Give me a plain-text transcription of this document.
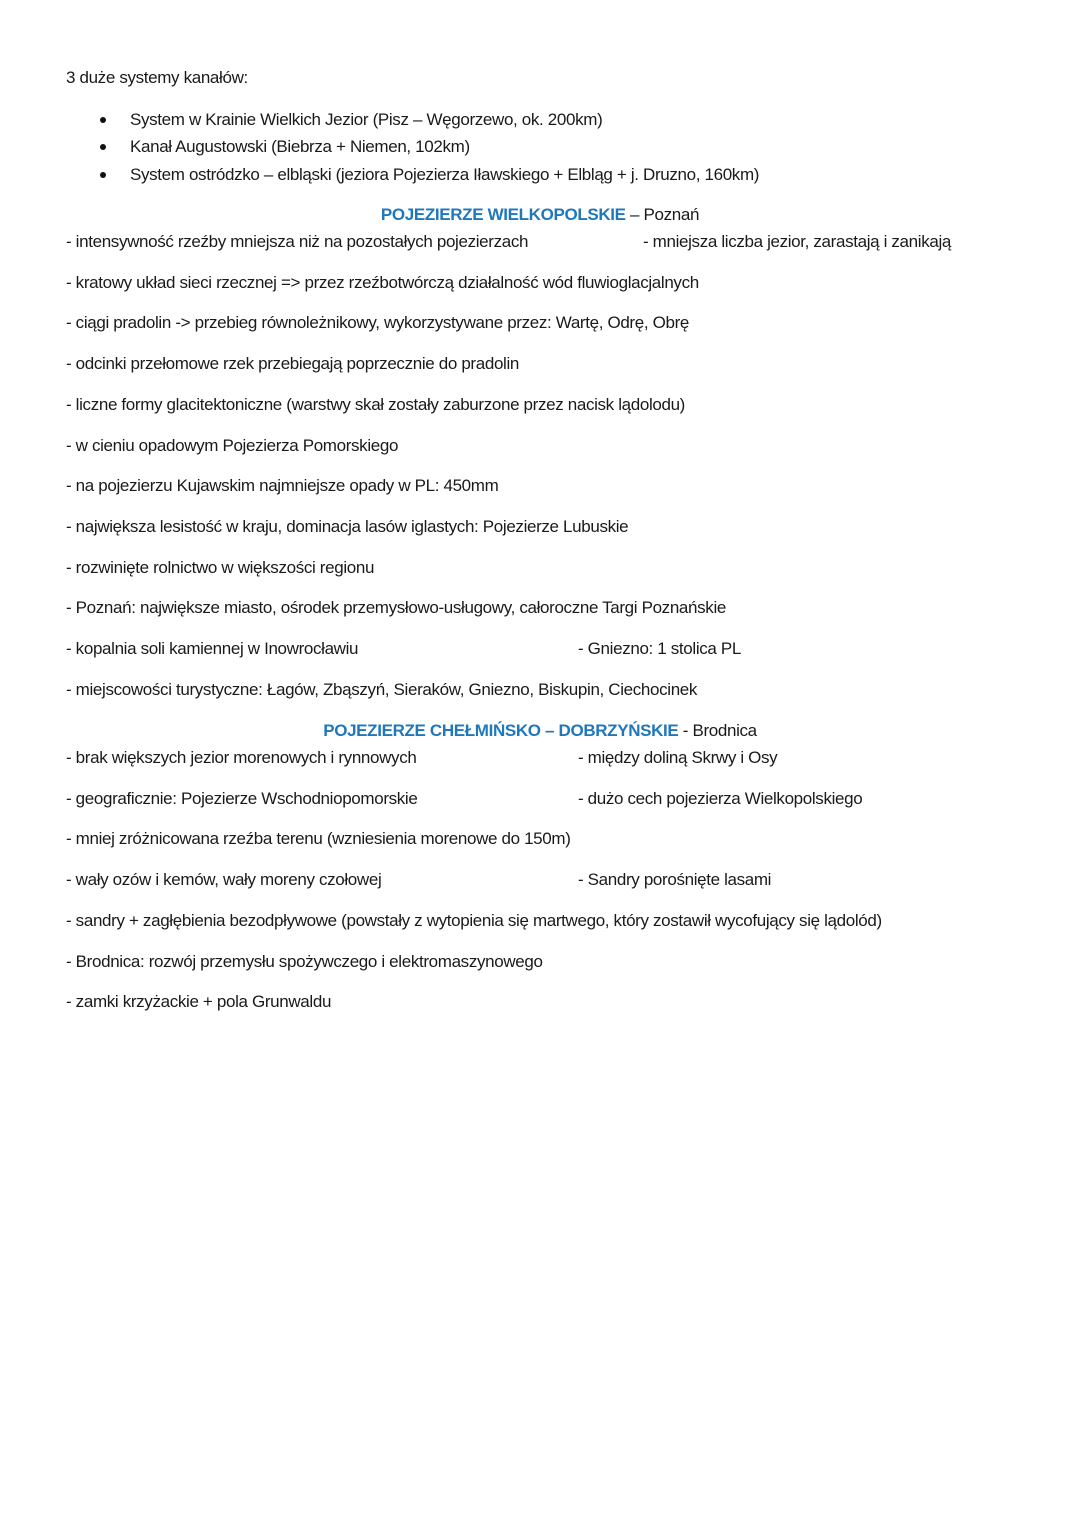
3 duże systemy kanałów:
System w Krainie Wielkich Jezior (Pisz – Węgorzewo, ok. 200km)
Kanał Augustowski (Biebrza + Niemen, 102km)
System ostródzko – elbląski (jeziora Pojezierza Iławskiego + Elbląg + j. Druzno, 160km)
POJEZIERZE WIELKOPOLSKIE – Poznań
- intensywność rzeźby mniejsza niż na pozostałych pojezierzach	- mniejsza liczba jezior, zarastają i zanikają
- kratowy układ sieci rzecznej => przez rzeźbotwórczą działalność wód fluwioglacjalnych
- ciągi pradolin -> przebieg równoleżnikowy, wykorzystywane przez: Wartę, Odrę, Obrę
- odcinki przełomowe rzek przebiegają poprzecznie do pradolin
- liczne formy glacitektoniczne (warstwy skał zostały zaburzone przez nacisk lądolodu)
- w cieniu opadowym Pojezierza Pomorskiego
- na pojezierzu Kujawskim najmniejsze opady w PL: 450mm
- największa lesistość w kraju, dominacja lasów iglastych: Pojezierze Lubuskie
- rozwinięte rolnictwo w większości regionu
- Poznań: największe miasto, ośrodek przemysłowo-usługowy, całoroczne Targi Poznańskie
- kopalnia soli kamiennej w Inowrocławiu	- Gniezno: 1 stolica PL
- miejscowości turystyczne: Łagów, Zbąszyń, Sieraków, Gniezno, Biskupin, Ciechocinek
POJEZIERZE CHEŁMIŃSKO – DOBRZYŃSKIE - Brodnica
- brak większych jezior morenowych i rynnowych	- między doliną Skrwy i Osy
- geograficznie: Pojezierze Wschodniopomorskie	- dużo cech pojezierza Wielkopolskiego
- mniej zróżnicowana rzeźba terenu (wzniesienia morenowe do 150m)
- wały ozów i kemów, wały moreny czołowej	- Sandry porośnięte lasami
- sandry + zagłębienia bezodpływowe (powstały z wytopienia się martwego, który zostawił wycofujący się lądolód)
- Brodnica: rozwój przemysłu spożywczego i elektromaszynowego
- zamki krzyżackie + pola Grunwaldu
